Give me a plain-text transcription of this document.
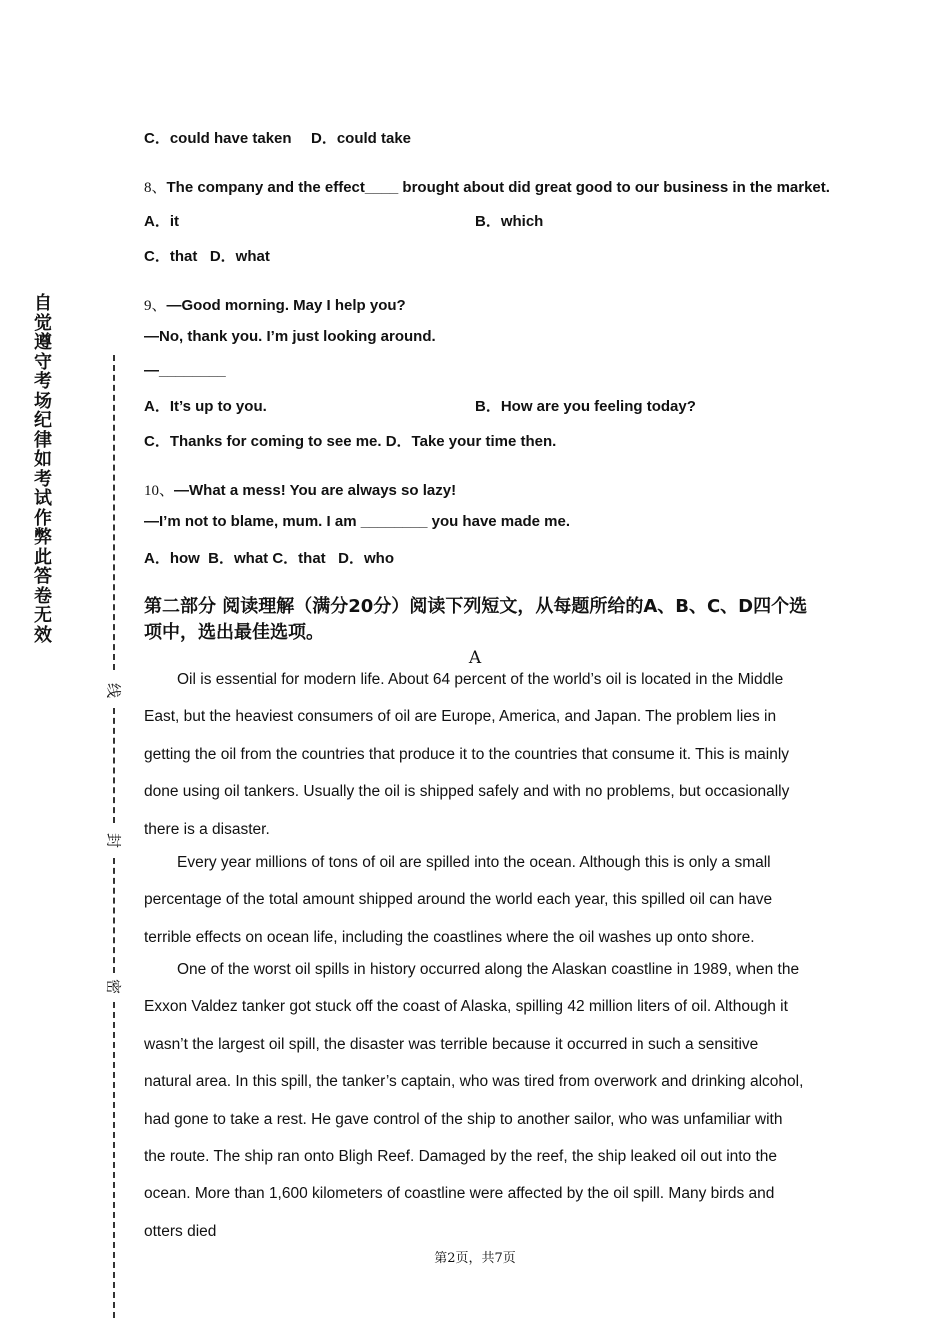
自觉遵守考场纪律如考试作弊此答卷无效
线
封
密
C．could have taken D．could take
8、The company and the effect____ brought about did great good to our business in the market.
A．it	B．which
C．that   D．what
9、—Good morning. May I help you?
—No, thank you. I’m just looking around.
—________
A．It’s up to you.	B．How are you feeling today?
C．Thanks for coming to see me. D．Take your time then.
10、—What a mess! You are always so lazy!
—I’m not to blame, mum. I am ________ you have made me.
A．how  B．what C．that   D．who
第二部分 阅读理解（满分20分）阅读下列短文，从每题所给的A、B、C、D四个选项中，选出最佳选项。
A

Oil is essential for modern life. About 64 percent of the world’s oil is located in the Middle East, but the heaviest consumers of oil are Europe, America, and Japan. The problem lies in getting the oil from the countries that produce it to the countries that consume it. This is mainly done using oil tankers. Usually the oil is shipped safely and with no problems, but occasionally there is a disaster.

Every year millions of tons of oil are spilled into the ocean. Although this is only a small percentage of the total amount shipped around the world each year, this spilled oil can have terrible effects on ocean life, including the coastlines where the oil washes up onto shore.

One of the worst oil spills in history occurred along the Alaskan coastline in 1989, when the Exxon Valdez tanker got stuck off the coast of Alaska, spilling 42 million liters of oil. Although it wasn’t the largest oil spill, the disaster was terrible because it occurred in such a sensitive natural area. In this spill, the tanker’s captain, who was tired from overwork and drinking alcohol, had gone to take a rest. He gave control of the ship to another sailor, who was unfamiliar with the route. The ship ran onto Bligh Reef. Damaged by the reef, the ship leaked oil out into the ocean. More than 1,600 kilometers of coastline were affected by the oil spill. Many birds and otters died

第2页，共7页
